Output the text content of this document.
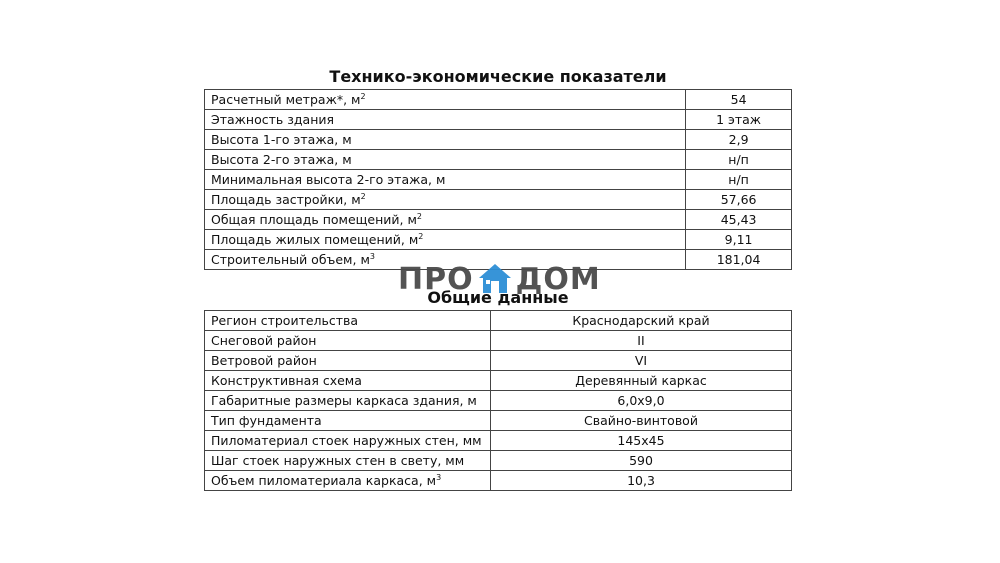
Технико-экономические показатели
Расчетный метраж*, $м^2$	54
Этажность здания	1 этаж
Высота 1-го этажа, м	2,9
Высота 2-го этажа, м	н/п
Минимальная высота 2-го этажа, м	н/п
Площадь застройки, $м^2$	57,66
Общая площадь помещений, $м^2$	45,43
Площадь жилых помещений, $м^2$	9,11
Строительный объем, $м^3$	181,04
ПРО ДОМ
Общие данные
Регион строительства	Краснодарский край
Снеговой район	II
Ветровой район	VI
Конструктивная схема	Деревянный каркас
Габаритные размеры каркаса здания, м	6,0х9,0
Тип фундамента	Свайно-винтовой
Пиломатериал стоек наружных стен, мм	145х45
Шаг стоек наружных стен в свету, мм	590
Объем пиломатериала каркаса, $м^3$	10,3
